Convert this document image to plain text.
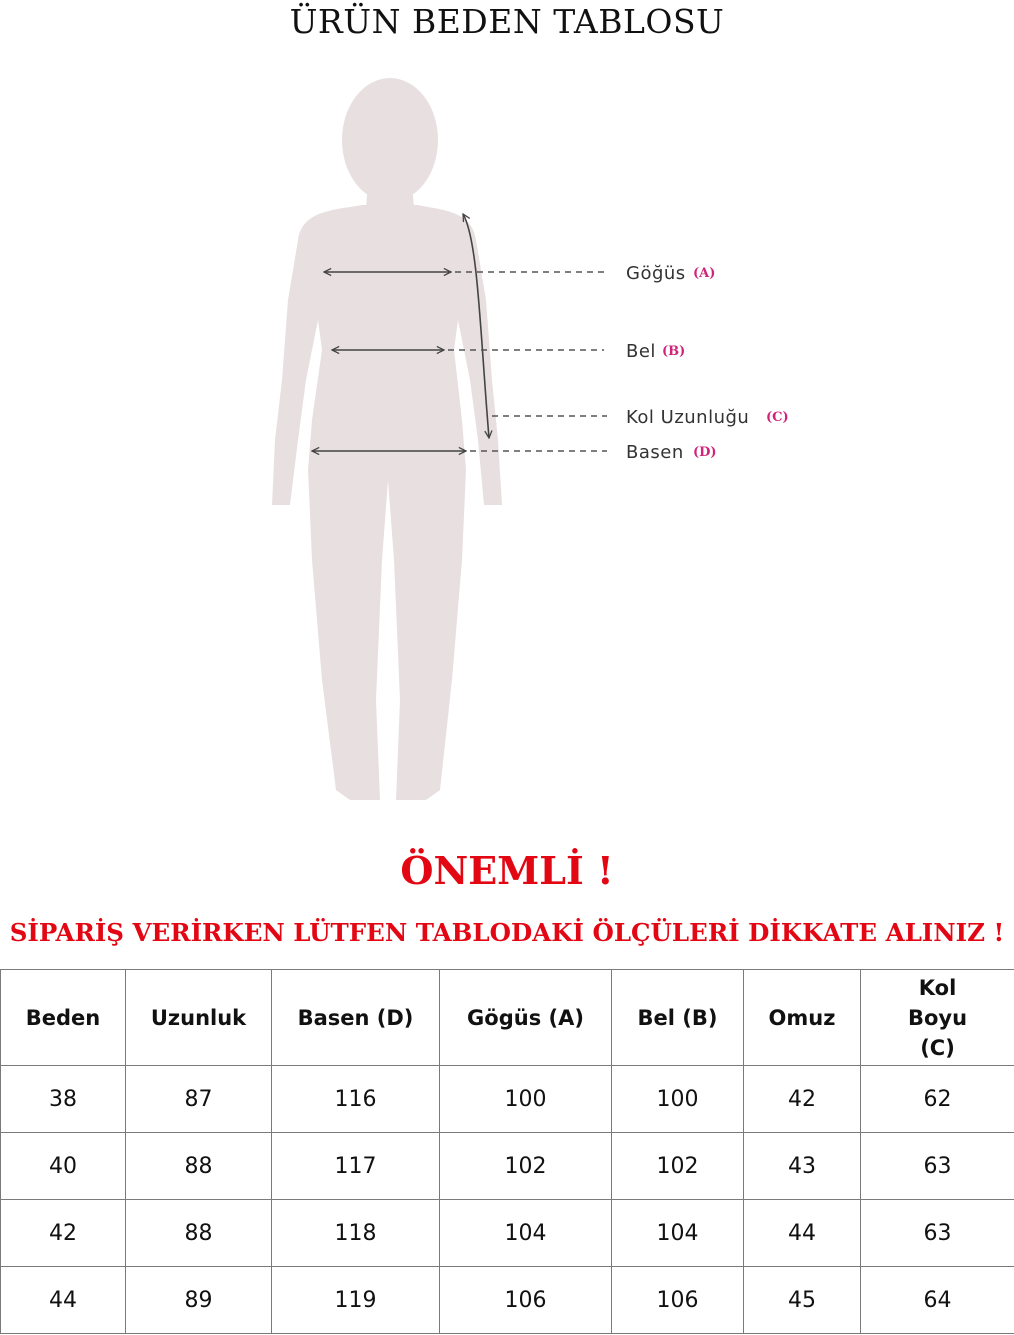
ÜRÜN BEDEN TABLOSU
Göğüs (A)
Bel (B)
Kol Uzunluğu (C)
Basen (D)
ÖNEMLİ !
SİPARİŞ VERİRKEN LÜTFEN TABLODAKİ ÖLÇÜLERİ DİKKATE ALINIZ !
Beden	Uzunluk	Basen (D)	Gögüs (A)	Bel (B)	Omuz	Kol Boyu (C)
38	87	116	100	100	42	62
40	88	117	102	102	43	63
42	88	118	104	104	44	63
44	89	119	106	106	45	64
